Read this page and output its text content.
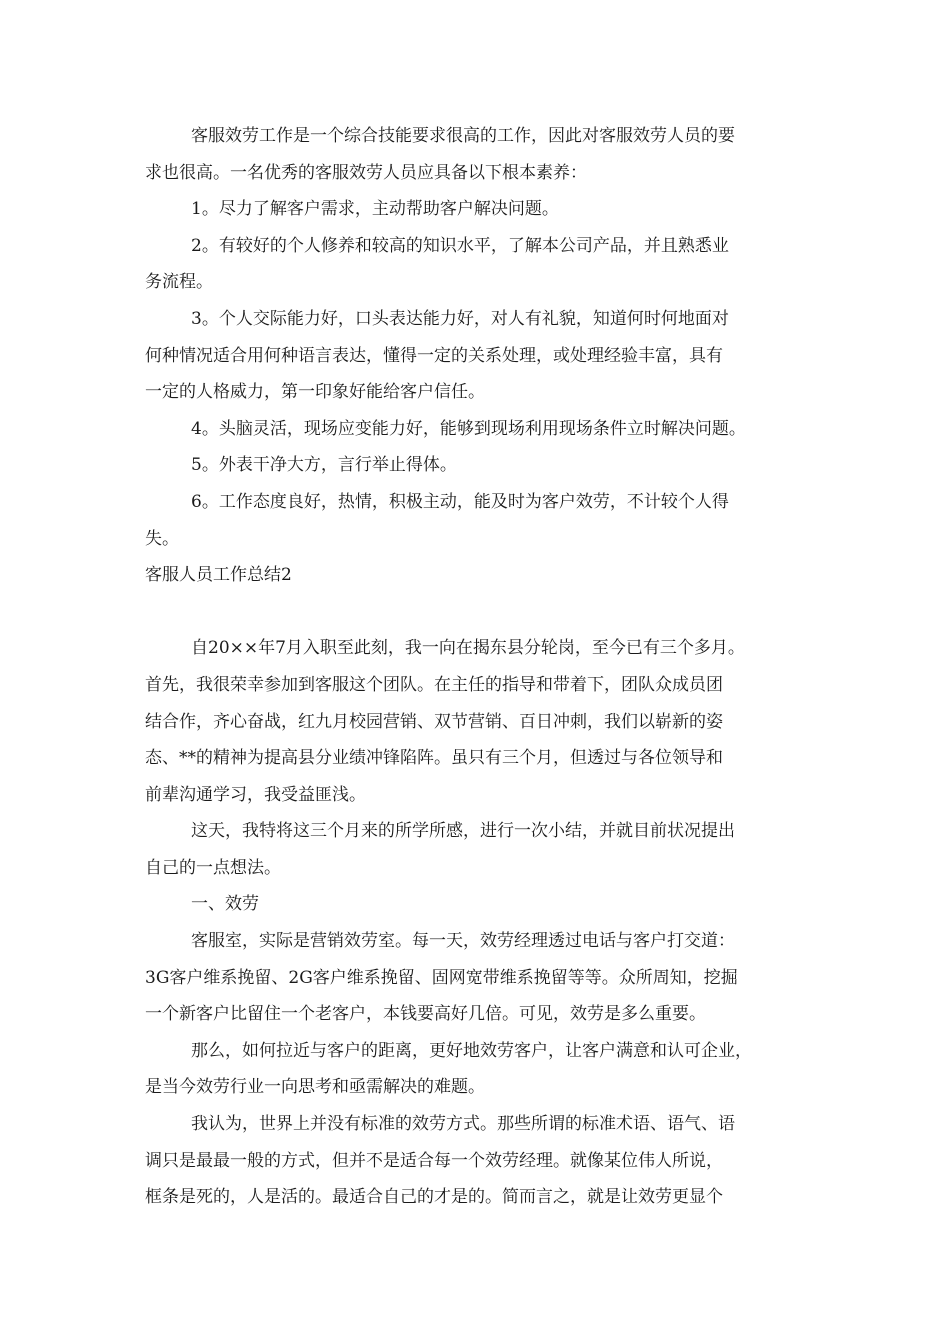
客服效劳工作是一个综合技能要求很高的工作，因此对客服效劳人员的要
求也很高。一名优秀的客服效劳人员应具备以下根本素养：
1。尽力了解客户需求，主动帮助客户解决问题。
2。有较好的个人修养和较高的知识水平，了解本公司产品，并且熟悉业
务流程。
3。个人交际能力好，口头表达能力好，对人有礼貌，知道何时何地面对
何种情况适合用何种语言表达，懂得一定的关系处理，或处理经验丰富，具有
一定的人格威力，第一印象好能给客户信任。
4。头脑灵活，现场应变能力好，能够到现场利用现场条件立时解决问题。
5。外表干净大方，言行举止得体。
6。工作态度良好，热情，积极主动，能及时为客户效劳，不计较个人得
失。
客服人员工作总结2
自20××年7月入职至此刻，我一向在揭东县分轮岗，至今已有三个多月。
首先，我很荣幸参加到客服这个团队。在主任的指导和带着下，团队众成员团
结合作，齐心奋战，红九月校园营销、双节营销、百日冲刺，我们以崭新的姿
态、**的精神为提高县分业绩冲锋陷阵。虽只有三个月，但透过与各位领导和
前辈沟通学习，我受益匪浅。
这天，我特将这三个月来的所学所感，进行一次小结，并就目前状况提出
自己的一点想法。
一、效劳
客服室，实际是营销效劳室。每一天，效劳经理透过电话与客户打交道：
3G客户维系挽留、2G客户维系挽留、固网宽带维系挽留等等。众所周知，挖掘
一个新客户比留住一个老客户，本钱要高好几倍。可见，效劳是多么重要。
那么，如何拉近与客户的距离，更好地效劳客户，让客户满意和认可企业，
是当今效劳行业一向思考和亟需解决的难题。
我认为，世界上并没有标准的效劳方式。那些所谓的标准术语、语气、语
调只是最最一般的方式，但并不是适合每一个效劳经理。就像某位伟人所说，
框条是死的，人是活的。最适合自己的才是的。简而言之，就是让效劳更显个
